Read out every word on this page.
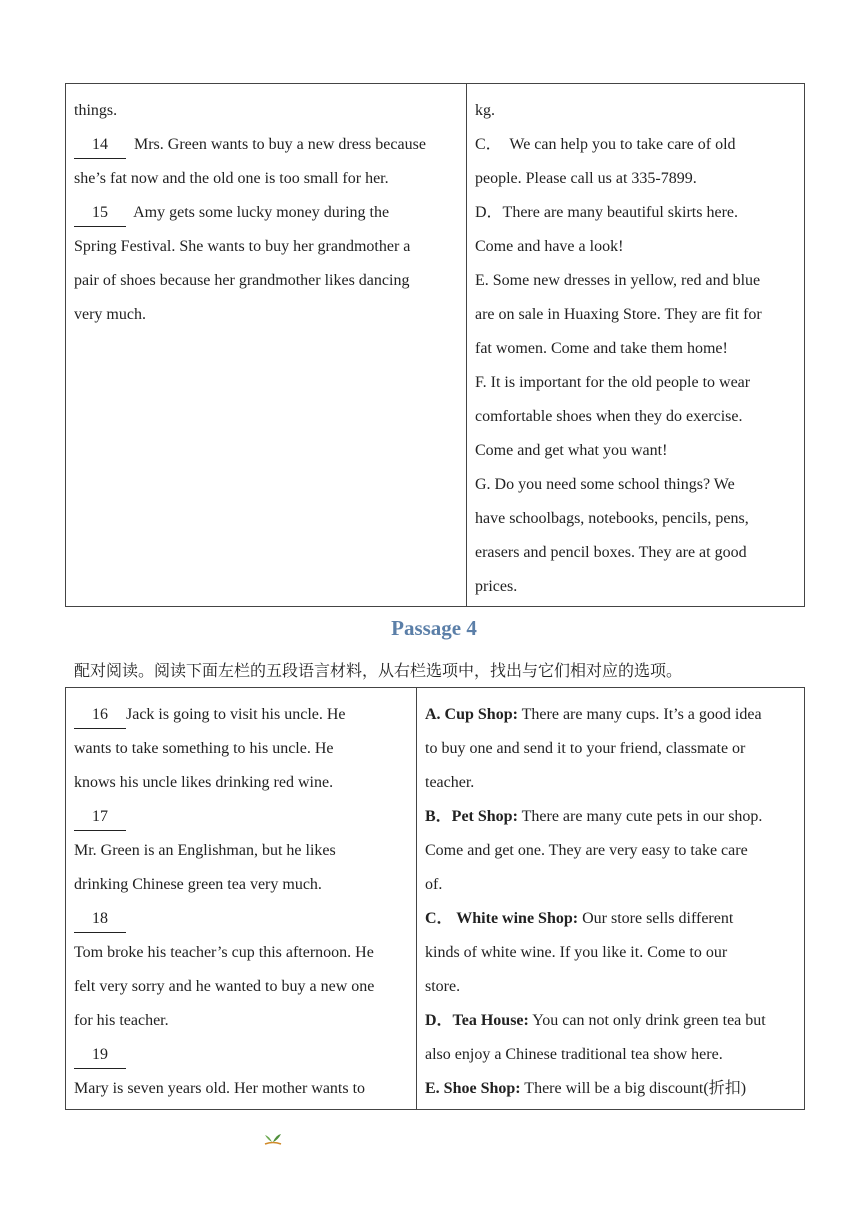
things.
14  Mrs. Green wants to buy a new dress because
she’s fat now and the old one is too small for her.
15  Amy gets some lucky money during the
Spring Festival. She wants to buy her grandmother a
pair of shoes because her grandmother likes dancing
very much.

kg.
C．  We can help you to take care of old
people. Please call us at 335-7899.
D．There are many beautiful skirts here.
Come and have a look!
E. Some new dresses in yellow, red and blue
are on sale in Huaxing Store. They are fit for
fat women. Come and take them home!
F. It is important for the old people to wear
comfortable shoes when they do exercise.
Come and get what you want!
G. Do you need some school things? We
have schoolbags, notebooks, pencils, pens,
erasers and pencil boxes. They are at good
prices.
Passage 4
配对阅读。阅读下面左栏的五段语言材料，从右栏选项中，找出与它们相对应的选项。
16 Jack is going to visit his uncle. He
wants to take something to his uncle. He
knows his uncle likes drinking red wine.
17
Mr. Green is an Englishman, but he likes
drinking Chinese green tea very much.
18
Tom broke his teacher’s cup this afternoon. He
felt very sorry and he wanted to buy a new one
for his teacher.
19
Mary is seven years old. Her mother wants to

A. Cup Shop: There are many cups. It’s a good idea
to buy one and send it to your friend, classmate or
teacher.
B．Pet Shop: There are many cute pets in our shop.
Come and get one. They are very easy to take care
of.
C． White wine Shop: Our store sells different
kinds of white wine. If you like it. Come to our
store.
D．Tea House: You can not only drink green tea but
also enjoy a Chinese traditional tea show here.
E. Shoe Shop: There will be a big discount(折扣)
